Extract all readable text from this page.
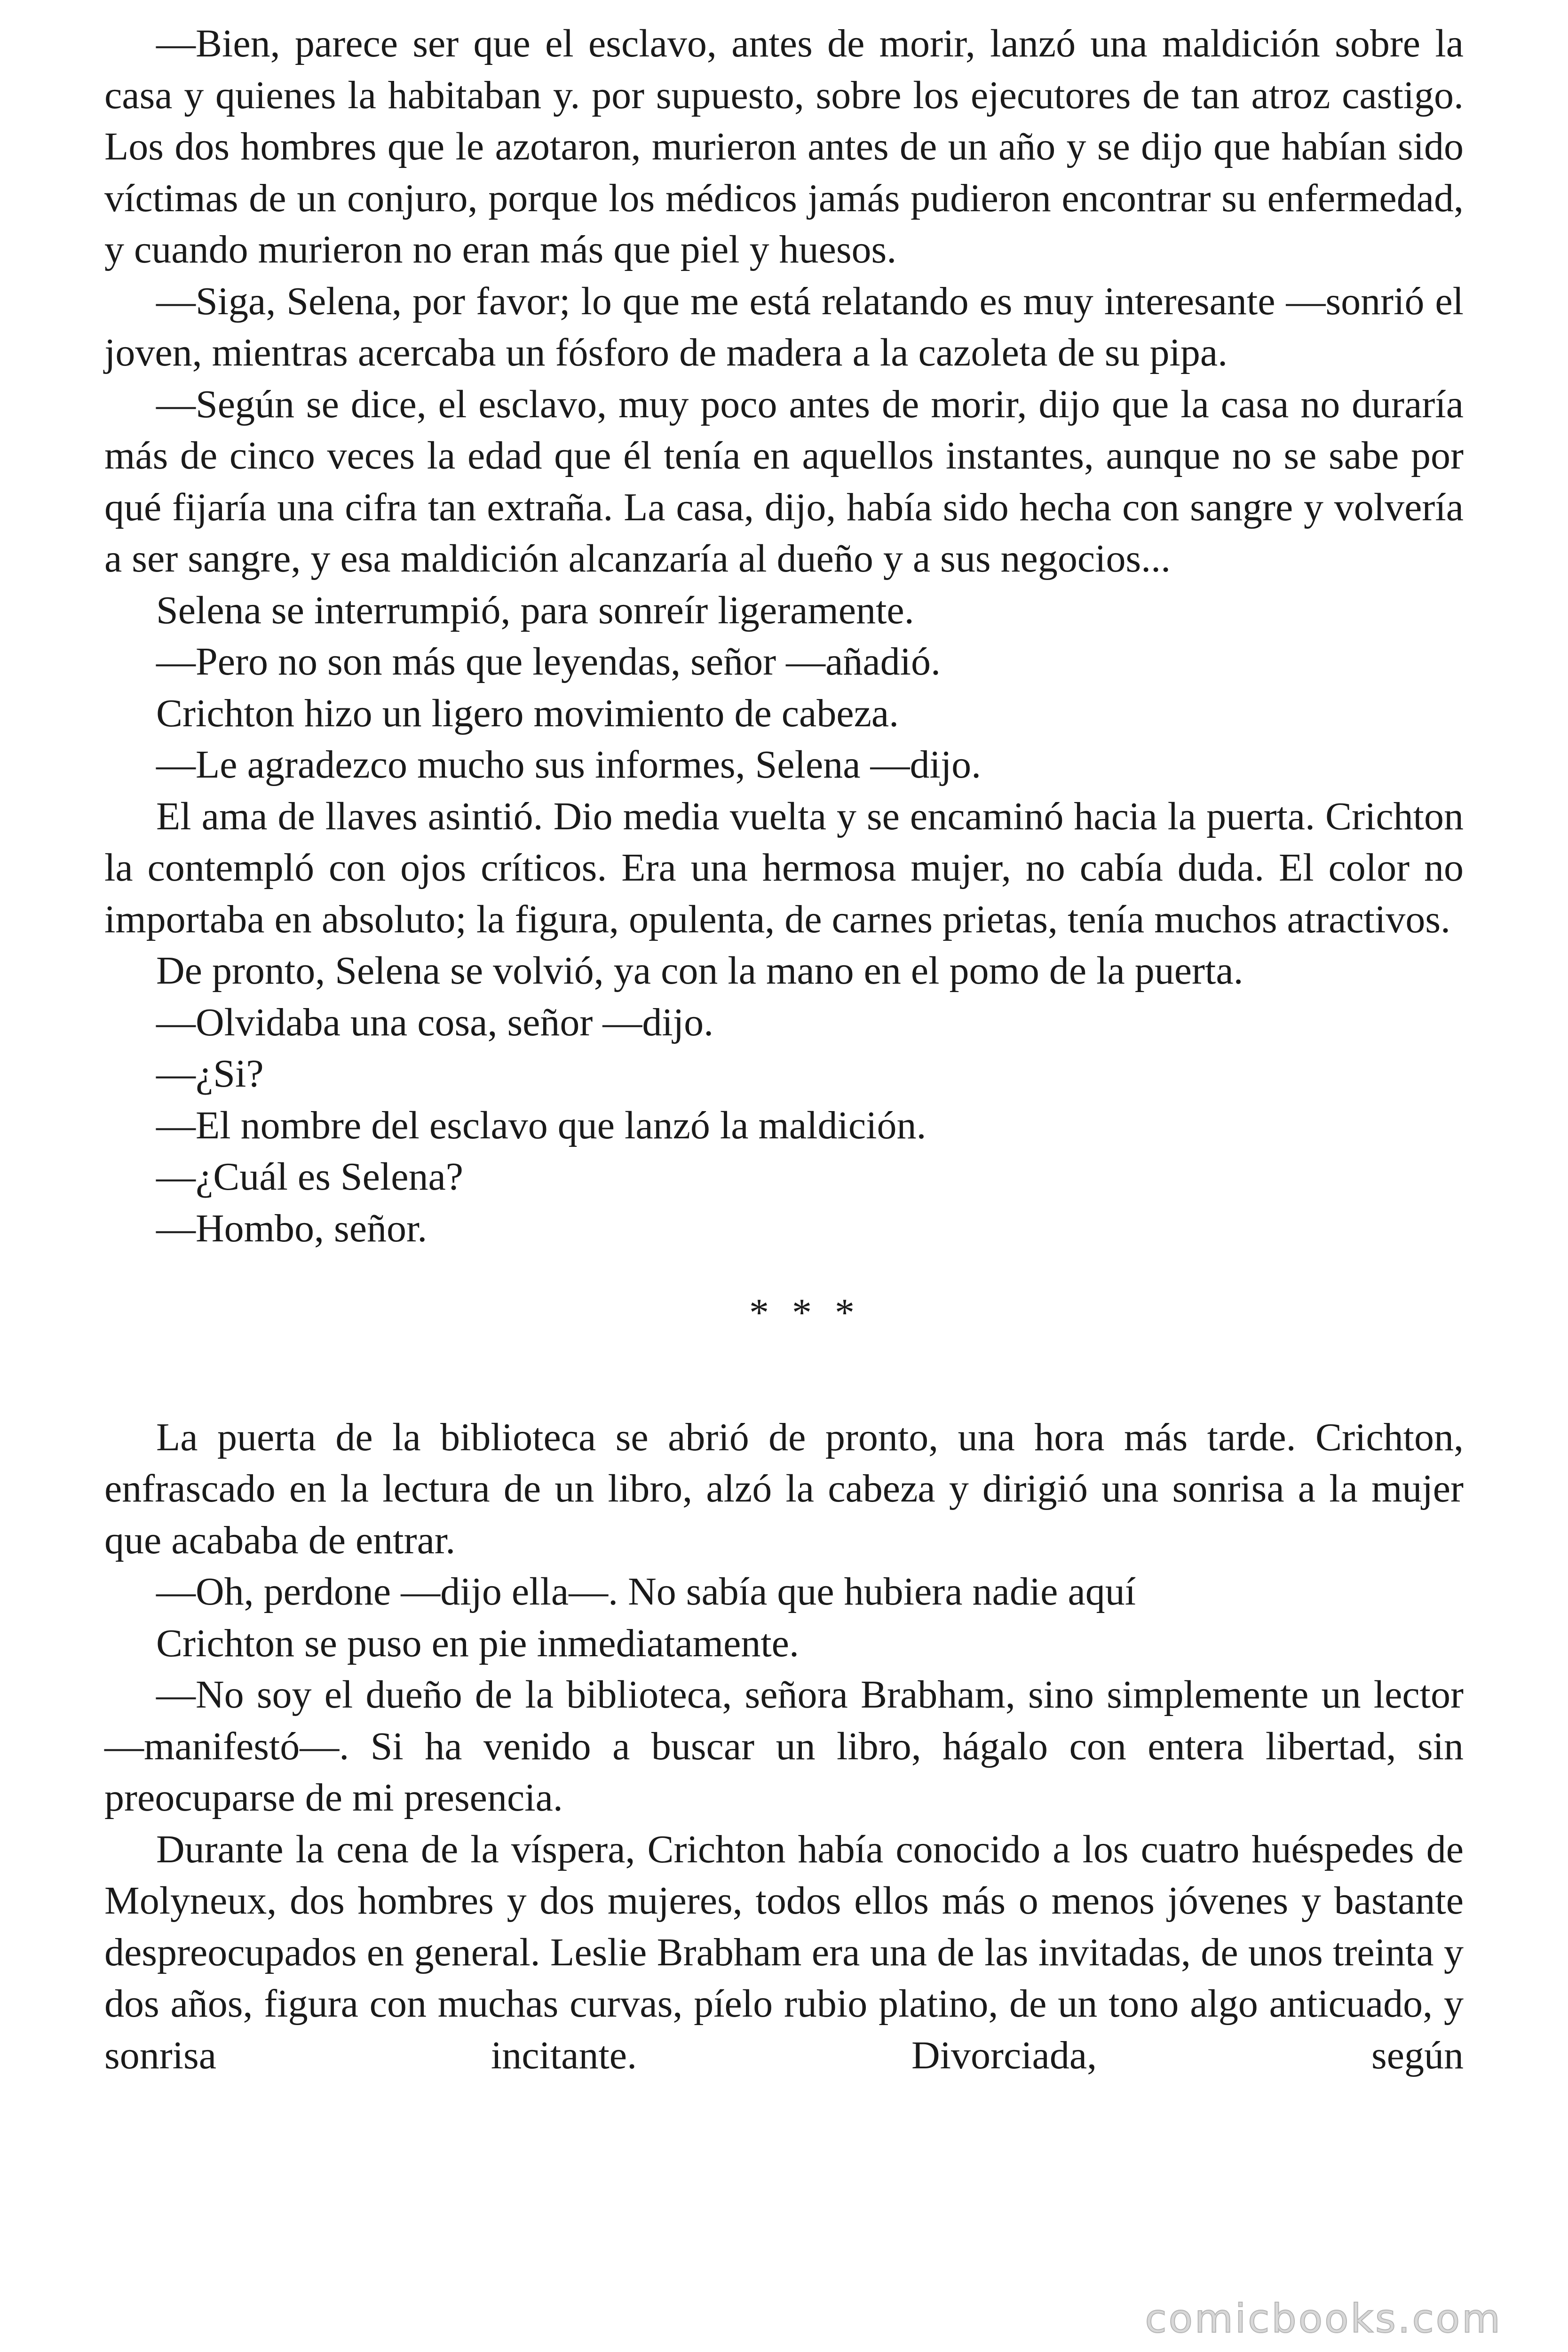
—Bien, parece ser que el esclavo, antes de morir, lanzó una maldición sobre la casa y quienes la habitaban y. por supuesto, sobre los ejecutores de tan atroz castigo. Los dos hombres que le azotaron, murieron antes de un año y se dijo que habían sido víctimas de un conjuro, porque los médicos jamás pudieron encontrar su enfermedad, y cuando murieron no eran más que piel y huesos.

—Siga, Selena, por favor; lo que me está relatando es muy interesante —sonrió el joven, mientras acercaba un fósforo de madera a la cazoleta de su pipa.

—Según se dice, el esclavo, muy poco antes de morir, dijo que la casa no duraría más de cinco veces la edad que él tenía en aquellos instantes, aunque no se sabe por qué fijaría una cifra tan extraña. La casa, dijo, había sido hecha con sangre y volvería a ser sangre, y esa maldición alcanzaría al dueño y a sus negocios...

Selena se interrumpió, para sonreír ligeramente.

—Pero no son más que leyendas, señor —añadió.

Crichton hizo un ligero movimiento de cabeza.

—Le agradezco mucho sus informes, Selena —dijo.

El ama de llaves asintió. Dio media vuelta y se encaminó hacia la puerta. Crichton la contempló con ojos críticos. Era una hermosa mujer, no cabía duda. El color no importaba en absoluto; la figura, opulenta, de carnes prietas, tenía muchos atractivos.

De pronto, Selena se volvió, ya con la mano en el pomo de la puerta.

—Olvidaba una cosa, señor —dijo.

—¿Si?

—El nombre del esclavo que lanzó la maldición.

—¿Cuál es Selena?

—Hombo, señor.

* * *

La puerta de la biblioteca se abrió de pronto, una hora más tarde. Crichton, enfrascado en la lectura de un libro, alzó la cabeza y dirigió una sonrisa a la mujer que acababa de entrar.

—Oh, perdone —dijo ella—. No sabía que hubiera nadie aquí

Crichton se puso en pie inmediatamente.

—No soy el dueño de la biblioteca, señora Brabham, sino simplemente un lector —manifestó—. Si ha venido a buscar un libro, hágalo con entera libertad, sin preocuparse de mi presencia.

Durante la cena de la víspera, Crichton había conocido a los cuatro huéspedes de Molyneux, dos hombres y dos mujeres, todos ellos más o menos jóvenes y bastante despreocupados en general. Leslie Brabham era una de las invitadas, de unos treinta y dos años, figura con muchas curvas, píelo rubio platino, de un tono algo anticuado, y sonrisa incitante. Divorciada, según

comicbooks.com
